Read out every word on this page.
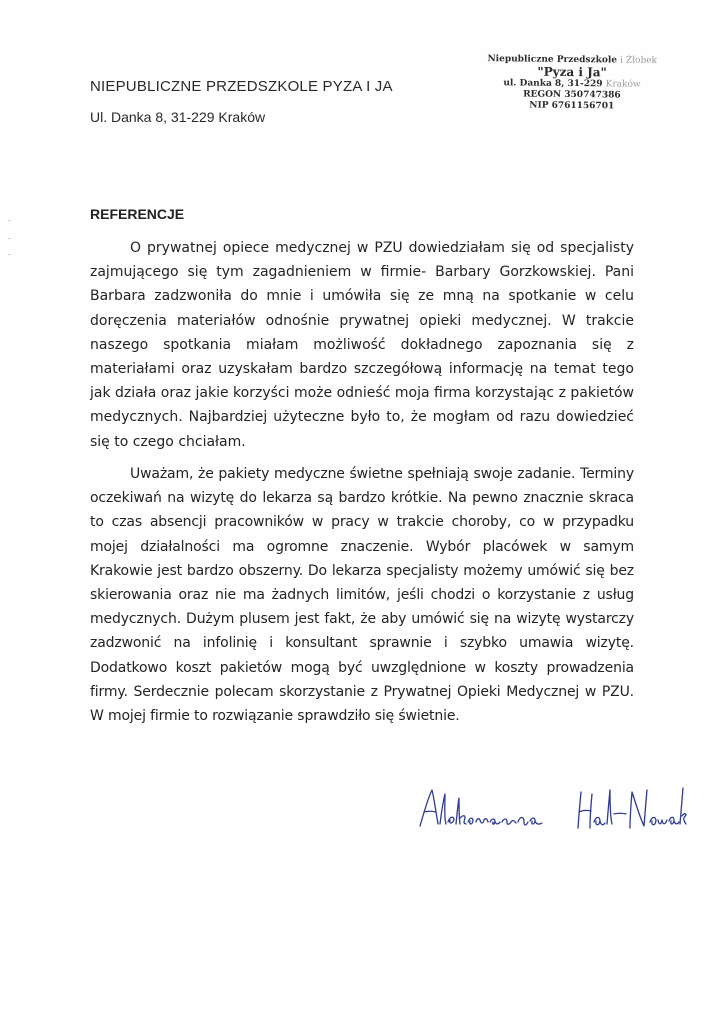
NIEPUBLICZNE PRZEDSZKOLE PYZA I JA
Ul. Danka 8, 31-229 Kraków
Niepubliczne Przedszkole i Żłobek
"Pyza i Ja"
ul. Danka 8, 31-229 Kraków
REGON 350747386
NIP 6761156701
REFERENCJE

O prywatnej opiece medycznej w PZU dowiedziałam się od specjalisty zajmującego się tym zagadnieniem w firmie- Barbary Gorzkowskiej. Pani Barbara zadzwoniła do mnie i umówiła się ze mną na spotkanie w celu doręczenia materiałów odnośnie prywatnej opieki medycznej. W trakcie naszego spotkania miałam możliwość dokładnego zapoznania się z materiałami oraz uzyskałam bardzo szczegółową informację na temat tego jak działa oraz jakie korzyści może odnieść moja firma korzystając z pakietów medycznych. Najbardziej użyteczne było to, że mogłam od razu dowiedzieć się to czego chciałam.

Uważam, że pakiety medyczne świetne spełniają swoje zadanie. Terminy oczekiwań na wizytę do lekarza są bardzo krótkie. Na pewno znacznie skraca to czas absencji pracowników w pracy w trakcie choroby, co w przypadku mojej działalności ma ogromne znaczenie. Wybór placówek w samym Krakowie jest bardzo obszerny. Do lekarza specjalisty możemy umówić się bez skierowania oraz nie ma żadnych limitów, jeśli chodzi o korzystanie z usług medycznych. Dużym plusem jest fakt, że aby umówić się na wizytę wystarczy zadzwonić na infolinię i konsultant sprawnie i szybko umawia wizytę. Dodatkowo koszt pakietów mogą być uwzględnione w koszty prowadzenia firmy. Serdecznie polecam skorzystanie z Prywatnej Opieki Medycznej w PZU. W mojej firmie to rozwiązanie sprawdziło się świetnie.
